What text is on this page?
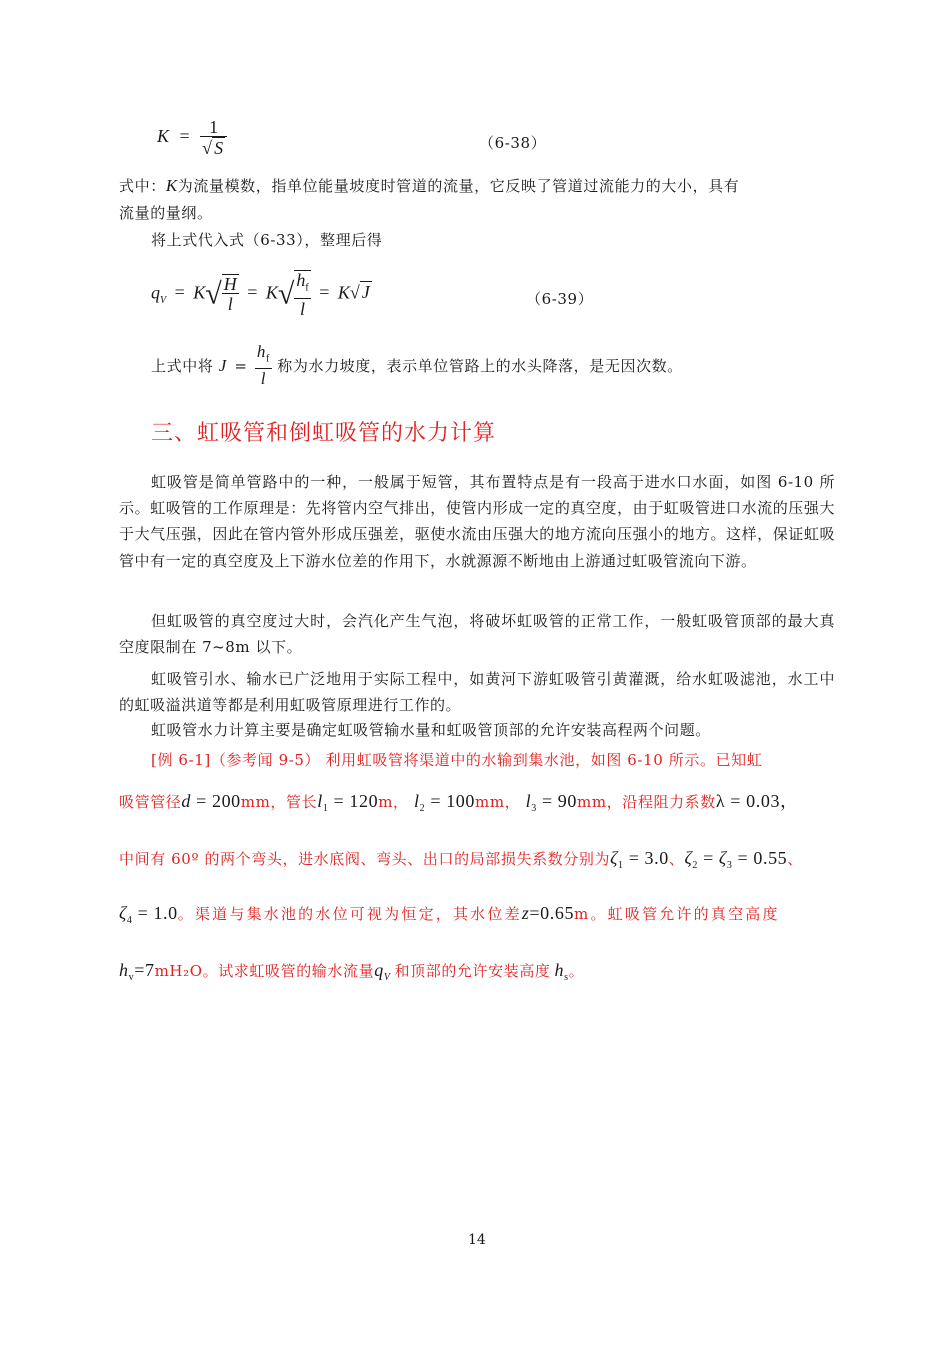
$K = \frac{1}{√ S}$	（6-38）
式中：K为流量模数，指单位能量坡度时管道的流量，它反映了管道过流能力的大小，具有
流量的量纲。
将上式代入式（6-33），整理后得
$q_V = K√ \frac{H}{l} = K√ \frac{h_f}{l} = K√$ J	（6-39）
上式中将 $J = \frac{h_f}{l}$ 称为水力坡度，表示单位管路上的水头降落，是无因次数。
三、虹吸管和倒虹吸管的水力计算
虹吸管是简单管路中的一种，一般属于短管，其布置特点是有一段高于进水口水面，如图 6-10 所示。虹吸管的工作原理是：先将管内空气排出，使管内形成一定的真空度，由于虹吸管进口水流的压强大于大气压强，因此在管内管外形成压强差，驱使水流由压强大的地方流向压强小的地方。这样，保证虹吸管中有一定的真空度及上下游水位差的作用下，水就源源不断地由上游通过虹吸管流向下游。
但虹吸管的真空度过大时，会汽化产生气泡，将破坏虹吸管的正常工作，一般虹吸管顶部的最大真空度限制在 7~8m 以下。
虹吸管引水、输水已广泛地用于实际工程中，如黄河下游虹吸管引黄灌溉，给水虹吸滤池，水工中的虹吸溢洪道等都是利用虹吸管原理进行工作的。
虹吸管水力计算主要是确定虹吸管输水量和虹吸管顶部的允许安装高程两个问题。
[例 6-1]（参考闻 9-5） 利用虹吸管将渠道中的水输到集水池，如图 6-10 所示。已知虹
吸管管径d = 200mm，管长$l_1 = 120m$， $l_2 = 100mm$， $l_3 = 90mm$，沿程阻力系数λ = 0.03，
中间有 60º 的两个弯头，进水底阀、弯头、出口的局部损失系数分别为$\zeta_1 = 3.0$、$\zeta_2 = \zeta_3 = 0.55$、
$\zeta_4 = 1.0$。渠道与集水池的水位可视为恒定，其水位差z=0.65m。虹吸管允许的真空高度
$h_v=7mH_2O$。试求虹吸管的输水流量$q_V$ 和顶部的允许安装高度 $h_s$。
14
